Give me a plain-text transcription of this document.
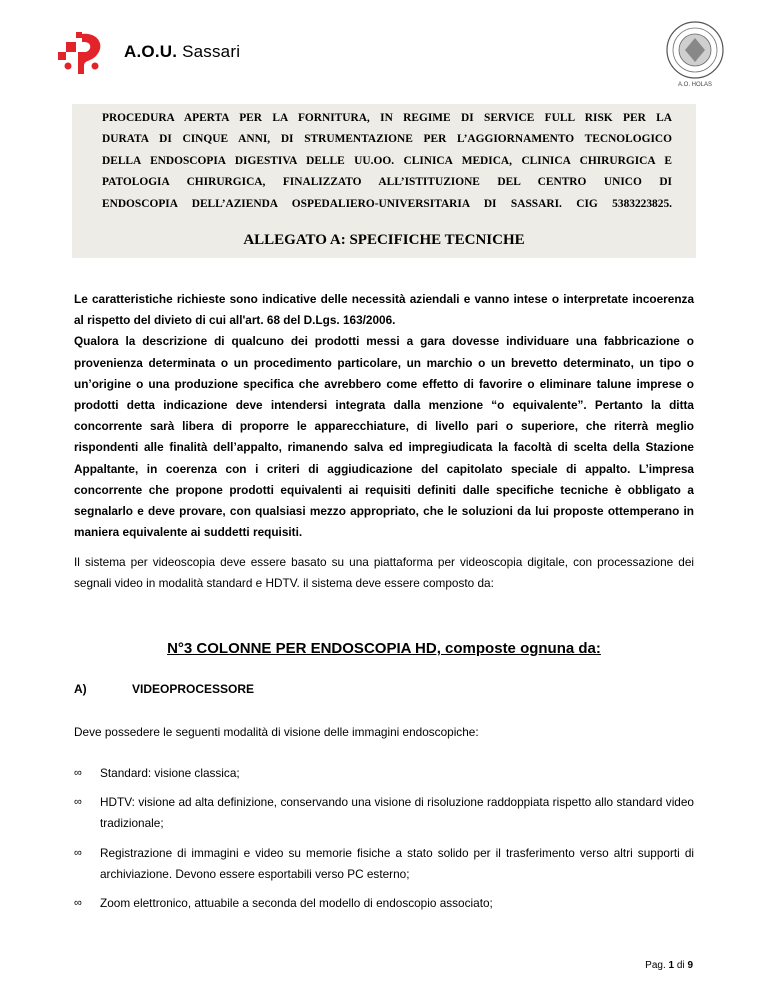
A.O.U. Sassari
A.O. HOLAS
PROCEDURA APERTA PER LA FORNITURA, IN REGIME DI SERVICE FULL RISK PER LA
DURATA DI CINQUE ANNI, DI STRUMENTAZIONE PER L’AGGIORNAMENTO TECNOLOGICO
DELLA ENDOSCOPIA DIGESTIVA DELLE UU.OO. CLINICA MEDICA, CLINICA CHIRURGICA E
PATOLOGIA CHIRURGICA, FINALIZZATO ALL’ISTITUZIONE DEL CENTRO UNICO DI
ENDOSCOPIA DELL’AZIENDA OSPEDALIERO-UNIVERSITARIA DI SASSARI. CIG 5383223825.
ALLEGATO A: SPECIFICHE TECNICHE

Le caratteristiche richieste sono indicative delle necessità aziendali e vanno intese o interpretate incoerenza al rispetto del divieto di cui all'art. 68 del D.Lgs. 163/2006.

Qualora la descrizione di qualcuno dei prodotti messi a gara dovesse individuare una fabbricazione o provenienza determinata o un procedimento particolare, un marchio o un brevetto determinato, un tipo o un’origine o una produzione specifica che avrebbero come effetto di favorire o eliminare talune imprese o prodotti detta indicazione deve intendersi integrata dalla menzione “o equivalente”. Pertanto la ditta concorrente sarà libera di proporre le apparecchiature, di livello pari o superiore, che riterrà meglio rispondenti alle finalità dell’appalto, rimanendo salva ed impregiudicata la facoltà di scelta della Stazione Appaltante, in coerenza con i criteri di aggiudicazione del capitolato speciale di appalto. L’impresa concorrente che propone prodotti equivalenti ai requisiti definiti dalle specifiche tecniche è obbligato a segnalarlo e deve provare, con qualsiasi mezzo appropriato, che le soluzioni da lui proposte ottemperano in maniera equivalente ai suddetti requisiti.

Il sistema per videoscopia deve essere basato su una piattaforma per videoscopia digitale, con processazione dei segnali video in modalità standard e HDTV. il sistema deve essere composto da:
N°3 COLONNE PER ENDOSCOPIA HD, composte ognuna da:
A)	VIDEOPROCESSORE
Deve possedere le seguenti modalità di visione delle immagini endoscopiche:
∞ Standard: visione classica;
∞ HDTV: visione ad alta definizione, conservando una visione di risoluzione raddoppiata rispetto allo standard video tradizionale;
∞ Registrazione di immagini e video su memorie fisiche a stato solido per il trasferimento verso altri supporti di archiviazione. Devono essere esportabili verso PC esterno;
∞ Zoom elettronico, attuabile a seconda del modello di endoscopio associato;
Pag. 1 di 9
